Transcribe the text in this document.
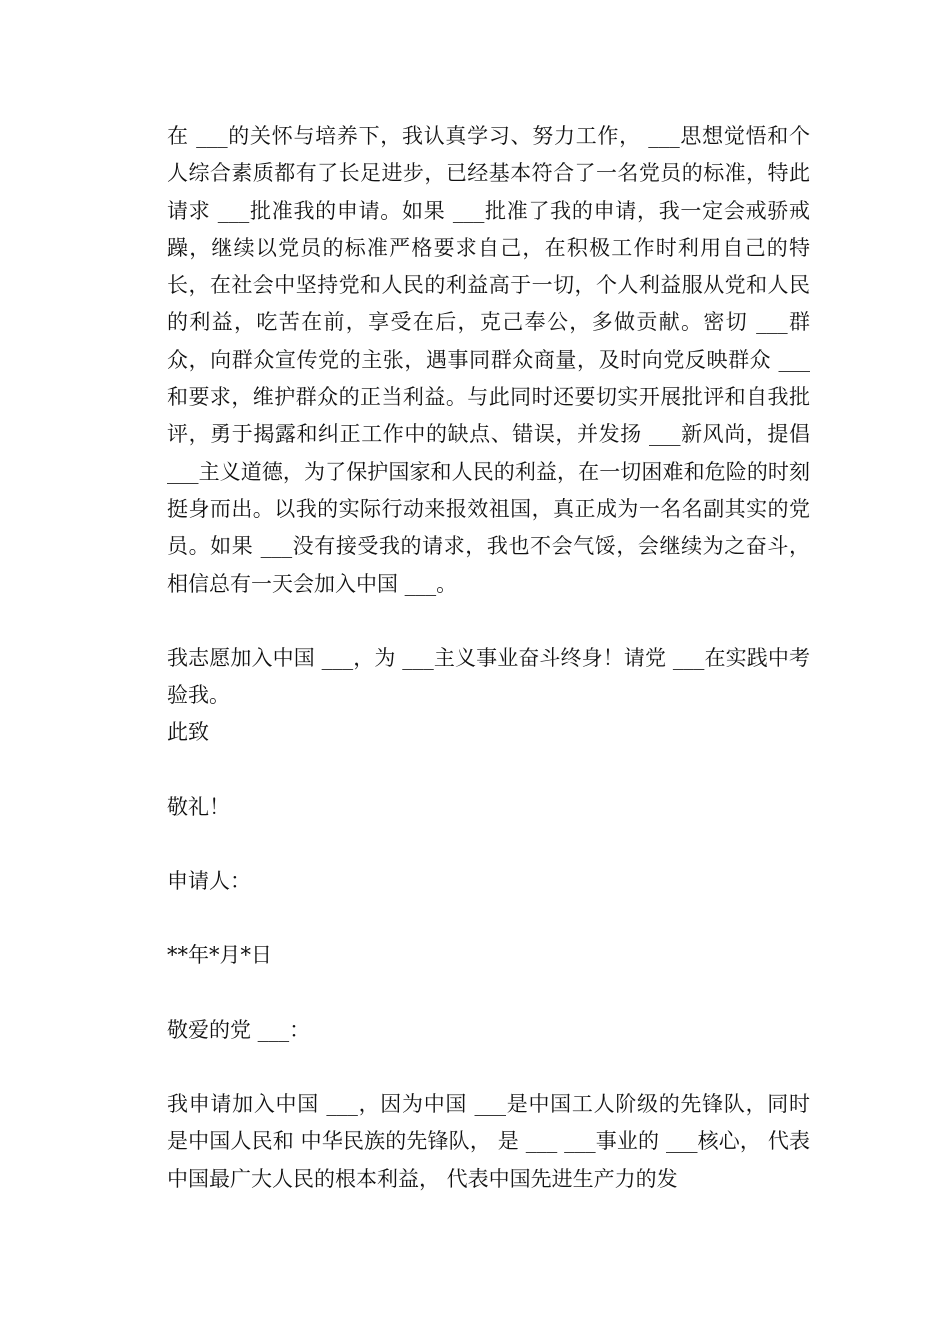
在 ___的关怀与培养下，我认真学习、努力工作， ___思想觉悟和个人综合素质都有了长足进步，已经基本符合了一名党员的标准，特此请求 ___批准我的申请。如果 ___批准了我的申请，我一定会戒骄戒躁，继续以党员的标准严格要求自己，在积极工作时利用自己的特长，在社会中坚持党和人民的利益高于一切，个人利益服从党和人民的利益，吃苦在前，享受在后，克己奉公，多做贡献。密切 ___群众，向群众宣传党的主张，遇事同群众商量，及时向党反映群众 ___和要求，维护群众的正当利益。与此同时还要切实开展批评和自我批评，勇于揭露和纠正工作中的缺点、错误，并发扬 ___新风尚，提倡 ___主义道德，为了保护国家和人民的利益，在一切困难和危险的时刻挺身而出。以我的实际行动来报效祖国，真正成为一名名副其实的党员。如果 ___没有接受我的请求，我也不会气馁，会继续为之奋斗，相信总有一天会加入中国 ___。

我志愿加入中国 ___，为 ___主义事业奋斗终身！请党 ___在实践中考验我。

此致

敬礼！

申请人：

**年*月*日

敬爱的党 ___：

我申请加入中国 ___，因为中国 ___是中国工人阶级的先锋队，同时是中国人民和 中华民族的先锋队， 是 ___ ___事业的 ___核心， 代表中国最广大人民的根本利益， 代表中国先进生产力的发
